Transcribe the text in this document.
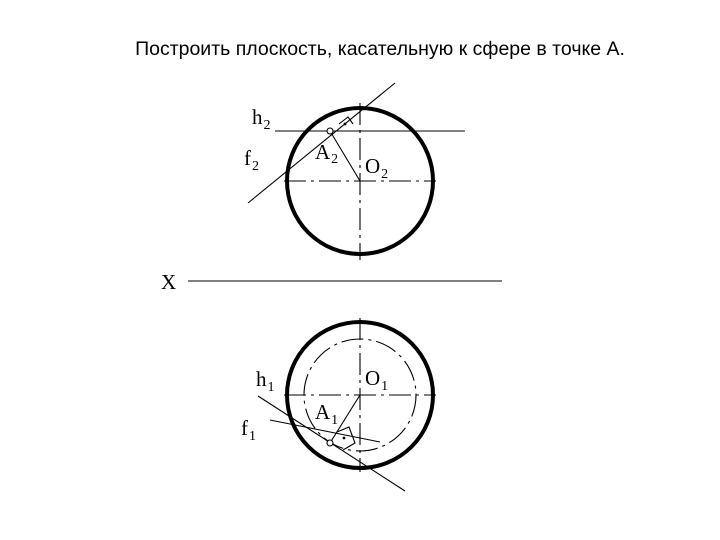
Построить плоскость, касательную к сфере в точке А.
$h_2$
$f_2$
A2 $O_2$
X
$h_1$	$O_1$
$A_1$
$f_1$
